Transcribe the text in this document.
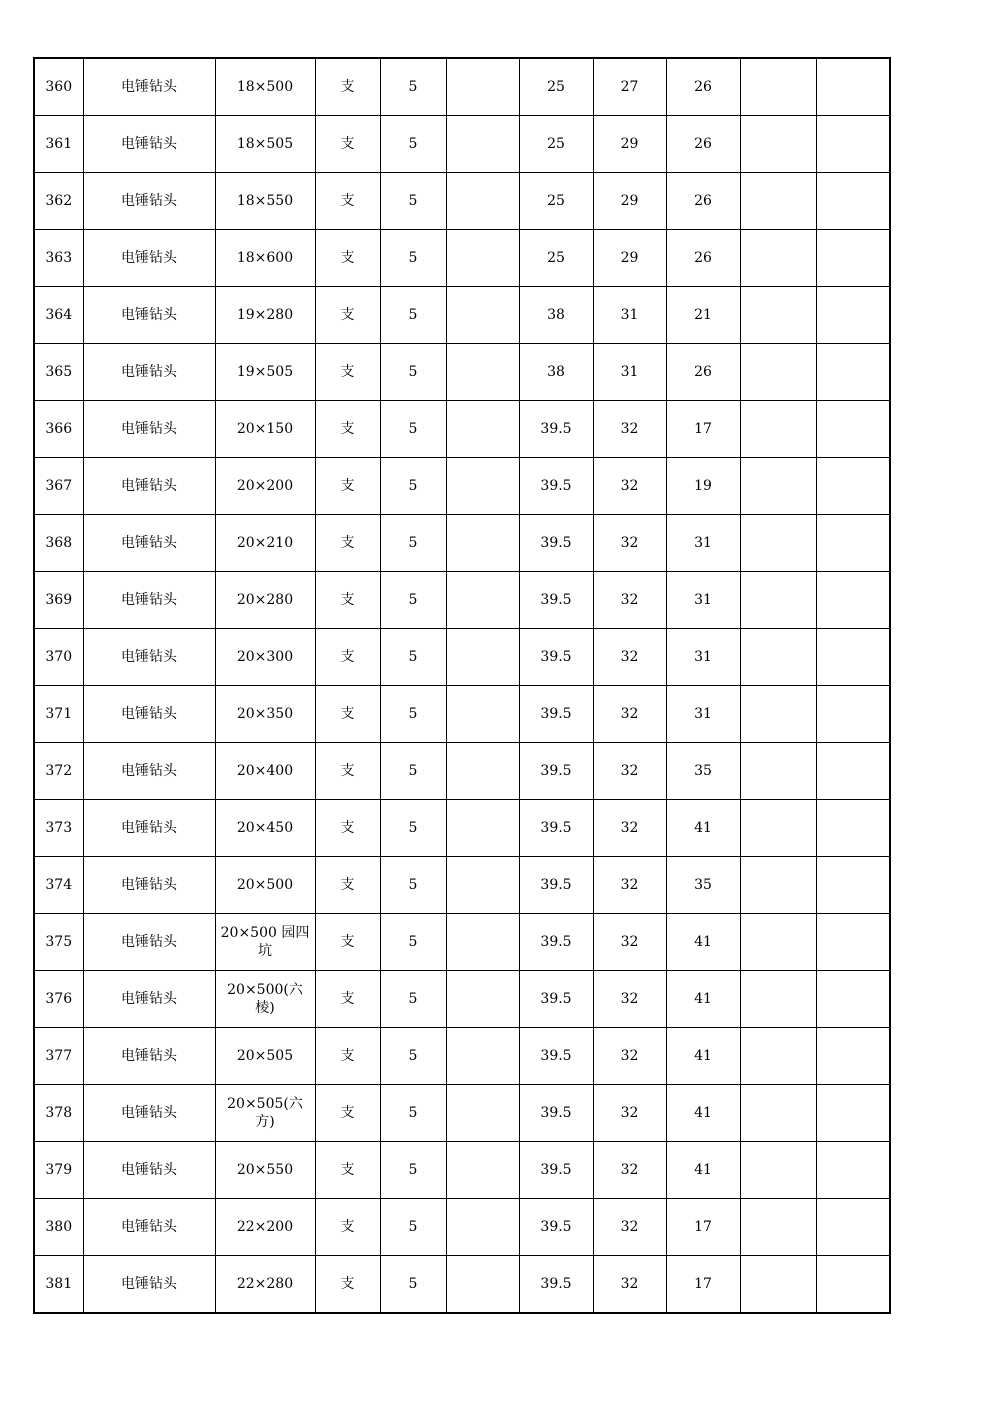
360	电锤钻头	18×500	支	5		25	27	26		
361	电锤钻头	18×505	支	5		25	29	26		
362	电锤钻头	18×550	支	5		25	29	26		
363	电锤钻头	18×600	支	5		25	29	26		
364	电锤钻头	19×280	支	5		38	31	21		
365	电锤钻头	19×505	支	5		38	31	26		
366	电锤钻头	20×150	支	5		39.5	32	17		
367	电锤钻头	20×200	支	5		39.5	32	19		
368	电锤钻头	20×210	支	5		39.5	32	31		
369	电锤钻头	20×280	支	5		39.5	32	31		
370	电锤钻头	20×300	支	5		39.5	32	31		
371	电锤钻头	20×350	支	5		39.5	32	31		
372	电锤钻头	20×400	支	5		39.5	32	35		
373	电锤钻头	20×450	支	5		39.5	32	41		
374	电锤钻头	20×500	支	5		39.5	32	35		
375	电锤钻头	20×500 园四坑	支	5		39.5	32	41		
376	电锤钻头	20×500(六棱)	支	5		39.5	32	41		
377	电锤钻头	20×505	支	5		39.5	32	41		
378	电锤钻头	20×505(六方)	支	5		39.5	32	41		
379	电锤钻头	20×550	支	5		39.5	32	41		
380	电锤钻头	22×200	支	5		39.5	32	17		
381	电锤钻头	22×280	支	5		39.5	32	17		
